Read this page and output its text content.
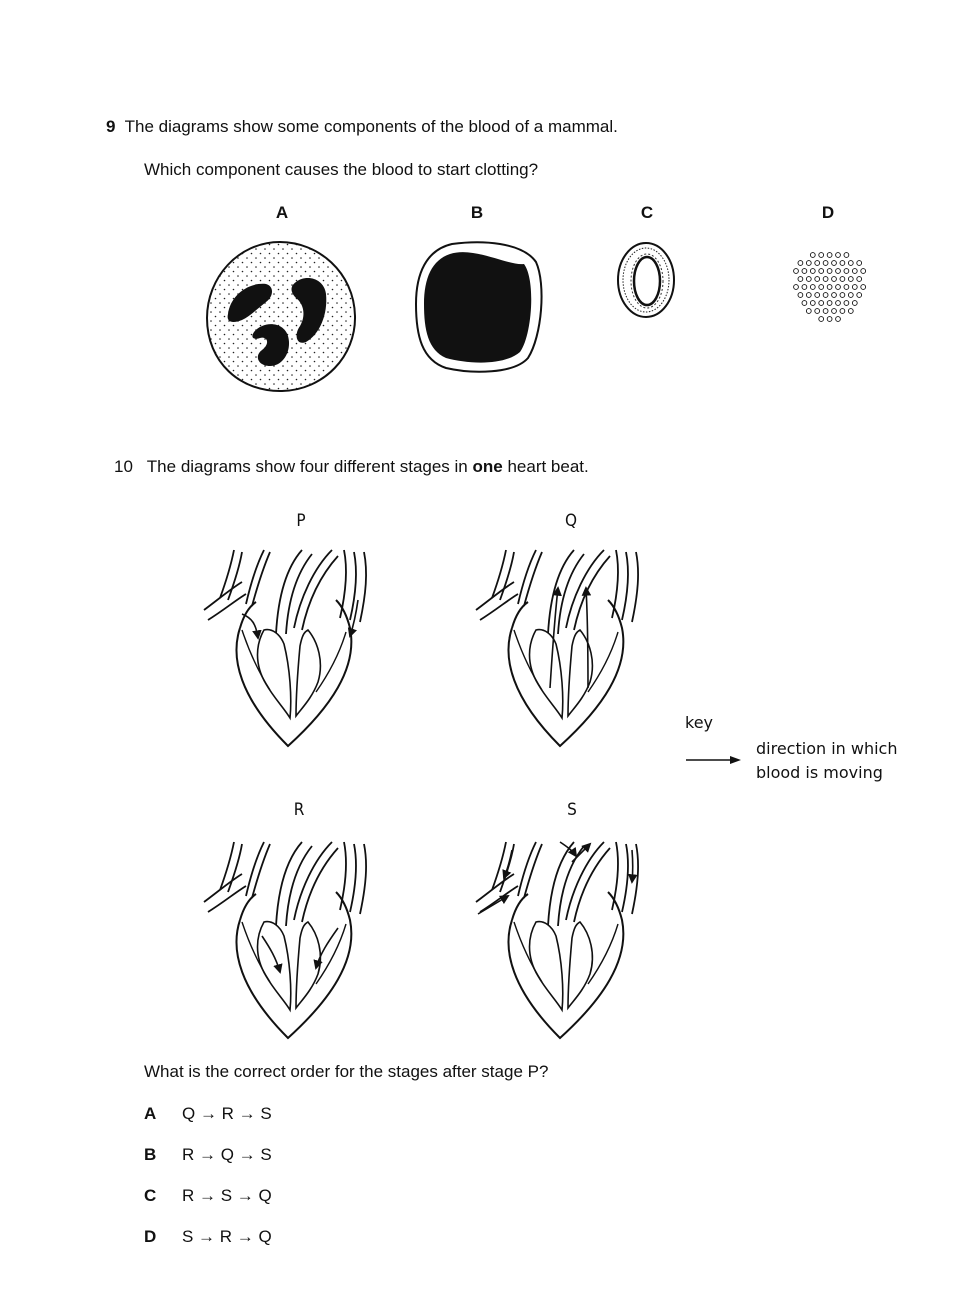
9 The diagrams show some components of the blood of a mammal.
Which component causes the blood to start clotting?
A	B	C	D
10 The diagrams show four different stages in one heart beat.
P	Q
R	S
key
direction in which
blood is moving
What is the correct order for the stages after stage P?
A Q → R → S
B R → Q → S
C R → S → Q
D S → R → Q
